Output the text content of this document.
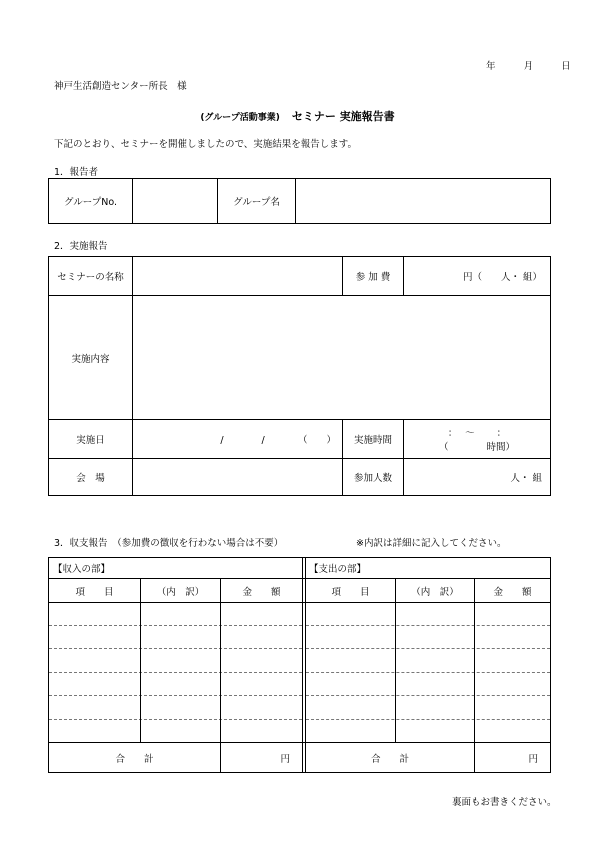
年	月	日
神戸生活創造センター所長　様
(グループ活動事業) セミナー 実施報告書
下記のとおり、セミナーを開催しましたので、実施結果を報告します。
1．報告者
グループNo.	グループ名
2．実施報告
セミナーの名称	参 加 費	円（　　人・ 組）
実施内容
実施日	/　　　　/　　　　（　　）	実施時間
：　 〜 　　：
（　　　　時間）
会　場	参加人数	人・ 組
3．収支報告　（参加費の徴収を行わない場合は不要）	※内訳は詳細に記入してください。
【収入の部】	【支出の部】
項　　目	（内　訳）	金　　額	項　　目	（内　訳）	金　　額
合　　計	円	合　　計	円
裏面もお書きください。
